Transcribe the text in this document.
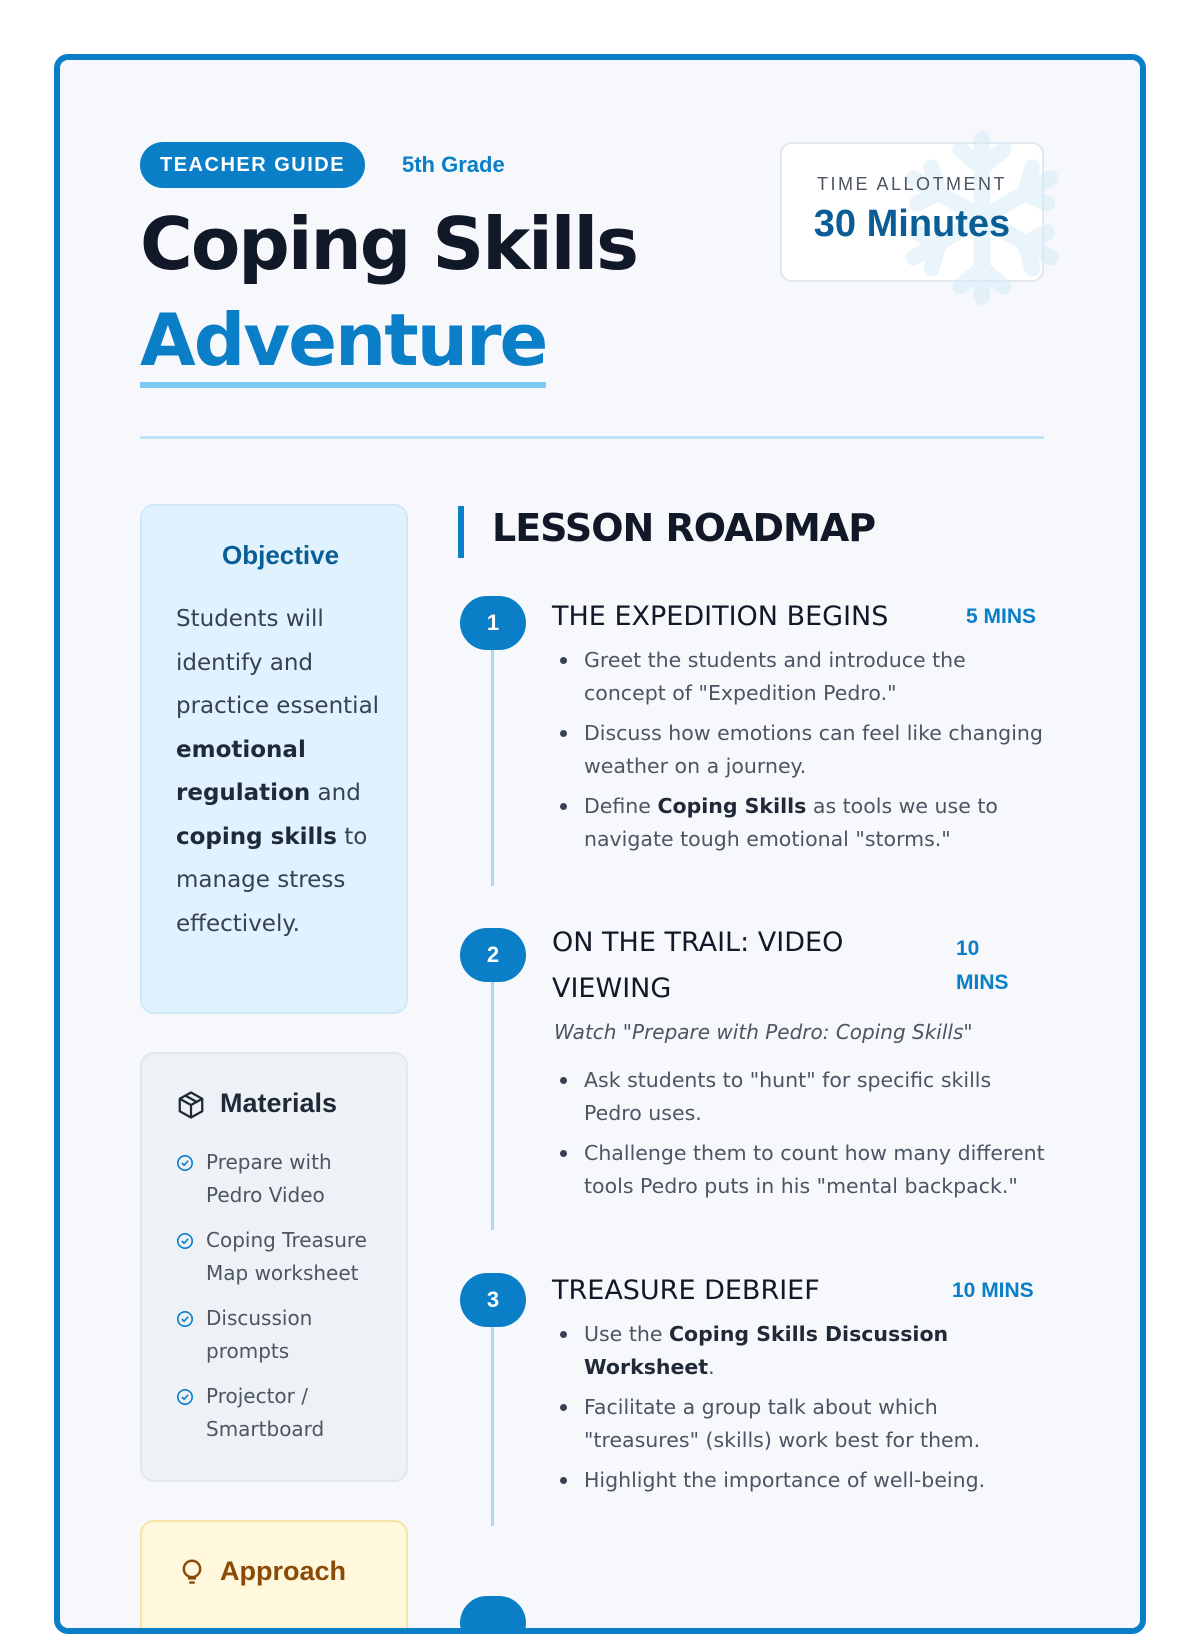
TEACHER GUIDE	5th Grade
Coping Skills
Adventure
TIME ALLOTMENT
30 Minutes
Objective
Students will identify and practice essential emotional regulation and coping skills to manage stress effectively.
Materials
Prepare with Pedro Video
Coping Treasure Map worksheet
Discussion prompts
Projector / Smartboard
Approach
LESSON ROADMAP
1	THE EXPEDITION BEGINS	5 MINS
Greet the students and introduce the concept of "Expedition Pedro."
Discuss how emotions can feel like changing weather on a journey.
Define Coping Skills as tools we use to navigate tough emotional "storms."
2	ON THE TRAIL: VIDEO VIEWING
10 MINS
Watch "Prepare with Pedro: Coping Skills"
Ask students to "hunt" for specific skills Pedro uses.
Challenge them to count how many different tools Pedro puts in his "mental backpack."
3	TREASURE DEBRIEF	10 MINS
Use the Coping Skills Discussion Worksheet.
Facilitate a group talk about which "treasures" (skills) work best for them.
Highlight the importance of well-being.
